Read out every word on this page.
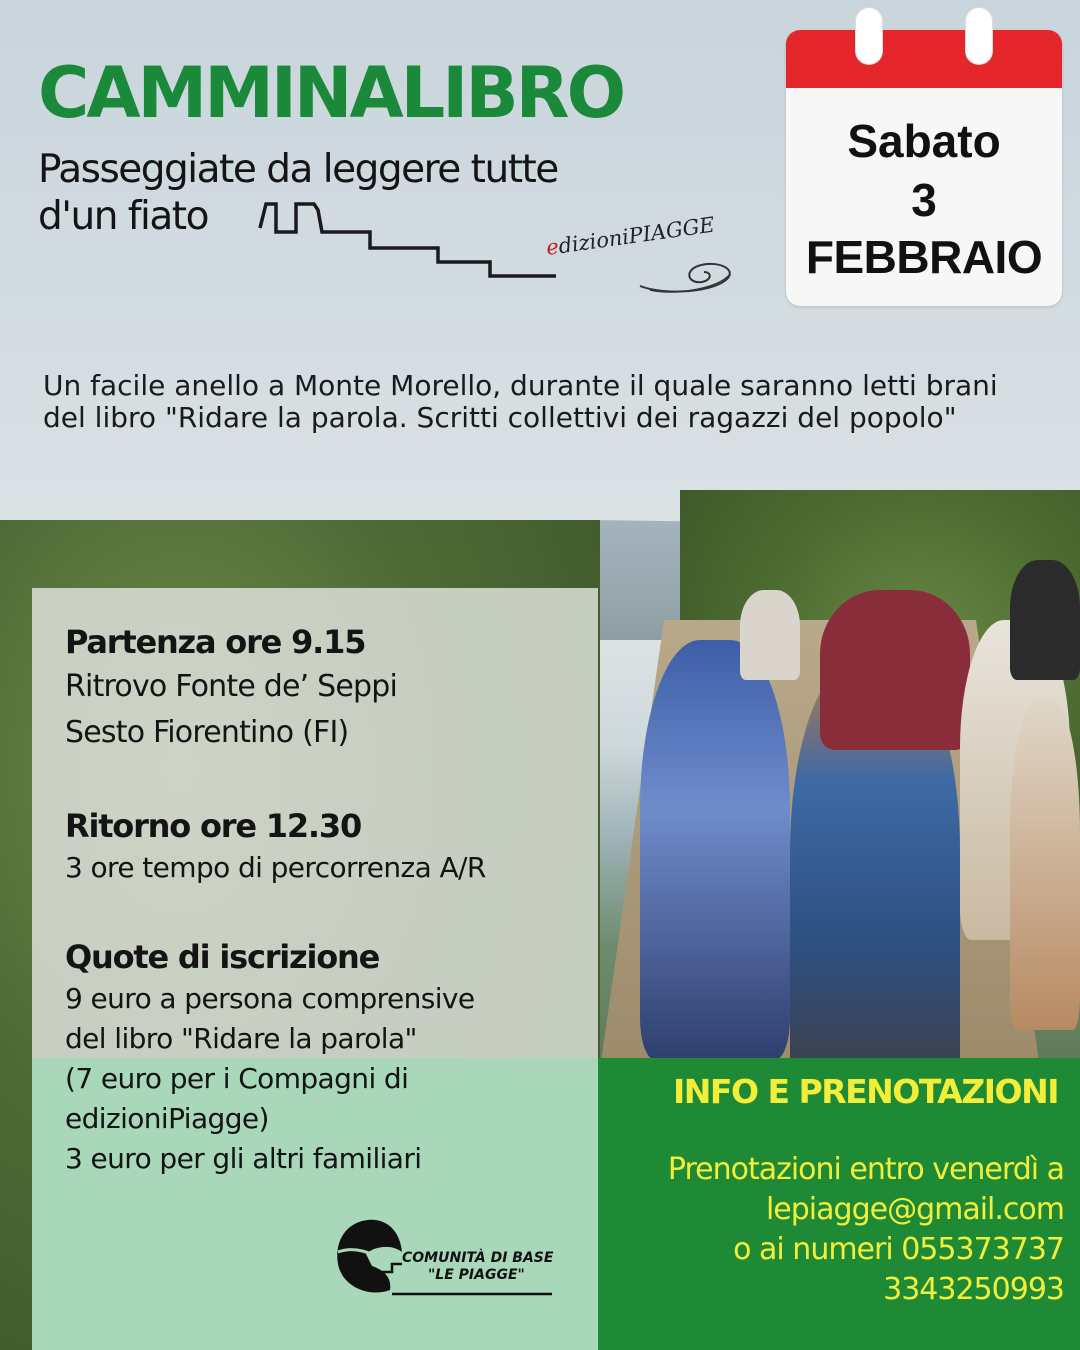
CAMMINALIBRO
Passeggiate da leggere tutte
d'un fiato
edizioniPIAGGE
Sabato
3
FEBBRAIO
Un facile anello a Monte Morello, durante il quale saranno letti brani del libro "Ridare la parola. Scritti collettivi dei ragazzi del popolo"
Partenza ore 9.15
Ritrovo Fonte de’ Seppi
Sesto Fiorentino (FI)
Ritorno ore 12.30
3 ore tempo di percorrenza A/R
Quote di iscrizione
9 euro a persona comprensive
del libro "Ridare la parola"
(7 euro per i Compagni di
edizioniPiagge)
3 euro per gli altri familiari
INFO E PRENOTAZIONI
Prenotazioni entro venerdì a
lepiagge@gmail.com
o ai numeri 055373737
3343250993
COMUNITÀ DI BASE
"LE PIAGGE"
